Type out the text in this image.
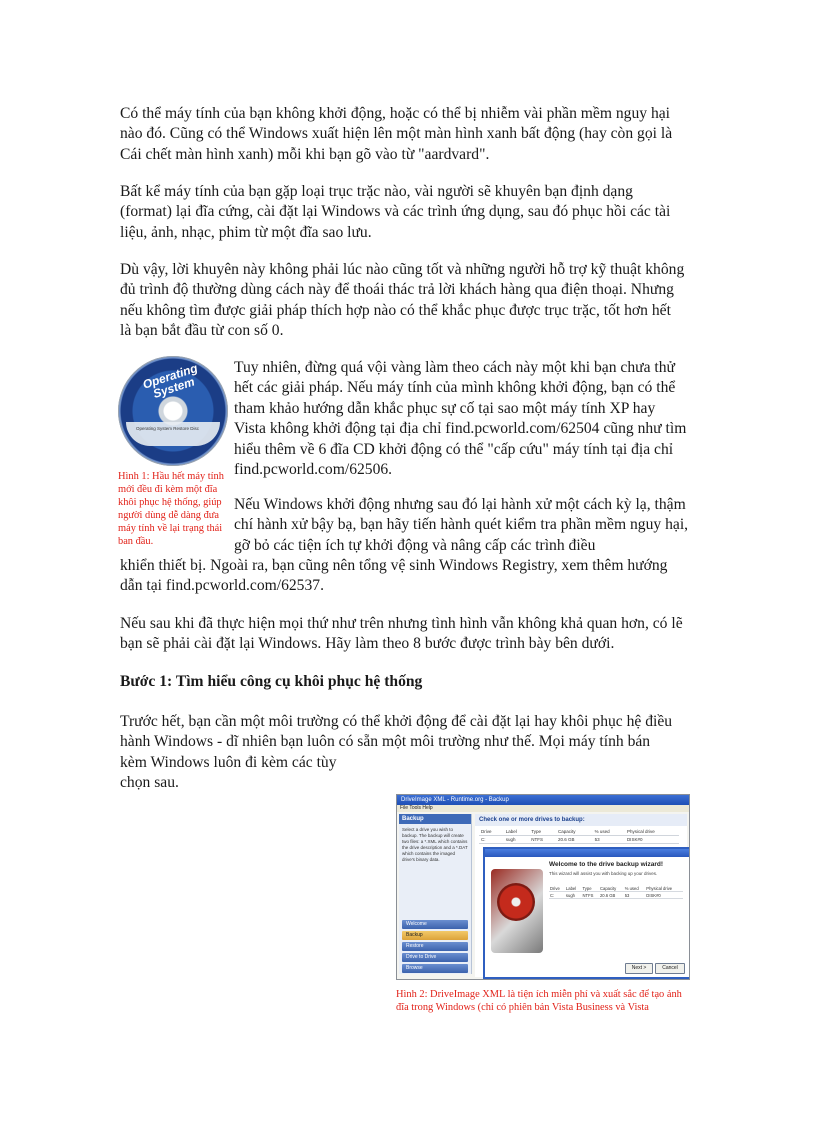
Có thể máy tính của bạn không khởi động, hoặc có thể bị nhiễm vài phần mềm nguy hại nào đó. Cũng có thể Windows xuất hiện lên một màn hình xanh bất động (hay còn gọi là Cái chết màn hình xanh) mỗi khi bạn gõ vào từ "aardvard".

Bất kể máy tính của bạn gặp loại trục trặc nào, vài người sẽ khuyên bạn định dạng (format) lại đĩa cứng, cài đặt lại Windows và các trình ứng dụng, sau đó phục hồi các tài liệu, ảnh, nhạc, phim từ một đĩa sao lưu.

Dù vậy, lời khuyên này không phải lúc nào cũng tốt và những người hỗ trợ kỹ thuật không đủ trình độ thường dùng cách này để thoái thác trả lời khách hàng qua điện thoại. Nhưng nếu không tìm được giải pháp thích hợp nào có thể khắc phục được trục trặc, tốt hơn hết là bạn bắt đầu từ con số 0.

Operating System
Operating System Restore Disc

Hình 1: Hầu hết máy tính mới đều đi kèm một đĩa khôi phục hệ thống, giúp người dùng dễ dàng đưa máy tính về lại trạng thái ban đầu.

Tuy nhiên, đừng quá vội vàng làm theo cách này một khi bạn chưa thử hết các giải pháp. Nếu máy tính của mình không khởi động, bạn có thể tham khảo hướng dẫn khắc phục sự cố tại sao một máy tính XP hay Vista không khởi động tại địa chỉ find.pcworld.com/62504 cũng như tìm hiểu thêm về 6 đĩa CD khởi động có thể "cấp cứu" máy tính tại địa chỉ find.pcworld.com/62506.

Nếu Windows khởi động nhưng sau đó lại hành xử một cách kỳ lạ, thậm chí hành xử bậy bạ, bạn hãy tiến hành quét kiểm tra phần mềm nguy hại, gỡ bỏ các tiện ích tự khởi động và nâng cấp các trình điều

khiển thiết bị. Ngoài ra, bạn cũng nên tổng vệ sinh Windows Registry, xem thêm hướng dẫn tại find.pcworld.com/62537.

Nếu sau khi đã thực hiện mọi thứ như trên nhưng tình hình vẫn không khả quan hơn, có lẽ bạn sẽ phải cài đặt lại Windows. Hãy làm theo 8 bước được trình bày bên dưới.

Bước 1: Tìm hiểu công cụ khôi phục hệ thống

Trước hết, bạn cần một môi trường có thể khởi động để cài đặt lại hay khôi phục hệ điều hành Windows - dĩ nhiên bạn luôn có sẵn một môi trường như thế. Mọi máy tính bán

kèm Windows luôn đi kèm các tùy

chọn sau.

DriveImage XML - Runtime.org - Backup
File Tools Help
Backup
Select a drive you wish to backup. The backup will create two files: a *.XML which contains the drive description and a *.DAT which contains the imaged drive's binary data.
Welcome
Backup
Restore
Drive to Drive
Browse
Check one or more drives to backup:
Drive	Label	Type	Capacity	% used	Physical drive
C:	sugh	NTFS	20.6 GB	53	DISK#0
Welcome to the drive backup wizard!
This wizard will assist you with backing up your drives.
Drive	Label	Type	Capacity	% used	Physical drive
C:	sugh	NTFS	20.6 GB	53	DISK#0
Next >	Cancel

Hình 2: DriveImage XML là tiện ích miễn phí và xuất sắc để tạo ảnh đĩa trong Windows (chỉ có phiên bản Vista Business và Vista
